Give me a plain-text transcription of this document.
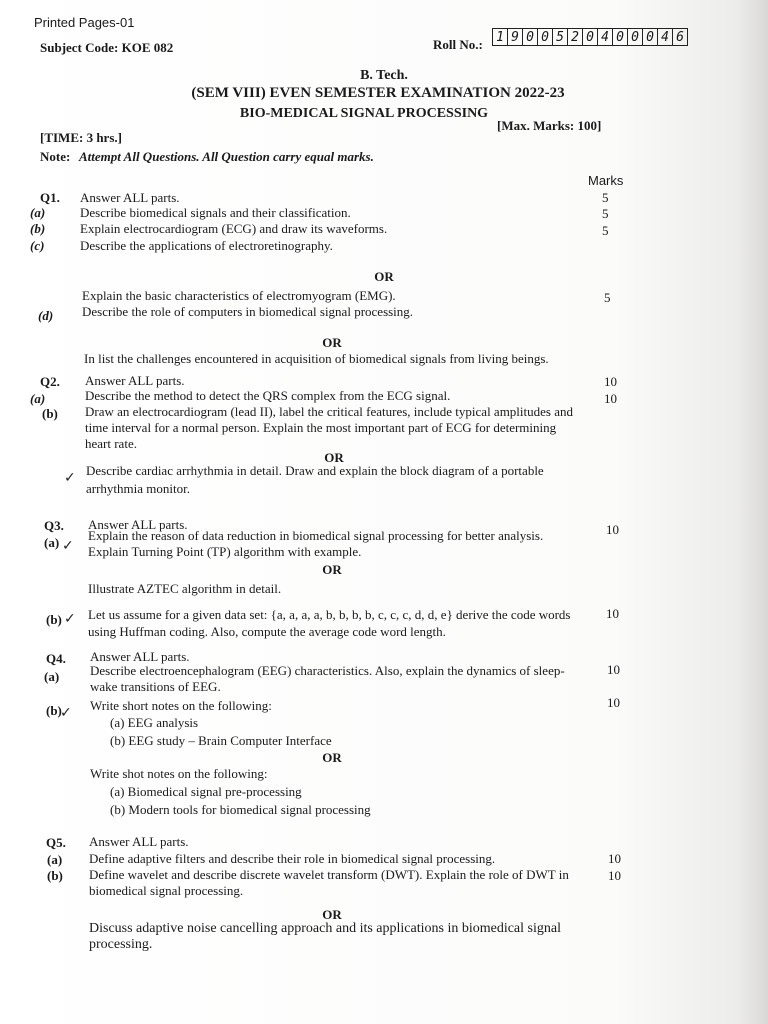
Printed Pages-01
Subject Code: KOE 082	Roll No.:	1 9 0 0 5 2 0 4 0 0 0 4 6
B. Tech.
(SEM VIII) EVEN SEMESTER EXAMINATION 2022-23
BIO-MEDICAL SIGNAL PROCESSING
[TIME: 3 hrs.]
[Max. Marks: 100]
Note: Attempt All Questions. All Question carry equal marks.
Marks
Q1. Answer ALL parts.
(a)	Describe biomedical signals and their classification.
5
(b)	Explain electrocardiogram (ECG) and draw its waveforms.
5
(c)	Describe the applications of electroretinography.
5
OR
Explain the basic characteristics of electromyogram (EMG).	5
(d) Describe the role of computers in biomedical signal processing.
OR
In list the challenges encountered in acquisition of biomedical signals from living beings.
Q2. Answer ALL parts.
(a)	Describe the method to detect the QRS complex from the ECG signal.
10
(b) Draw an electrocardiogram (lead II), label the critical features, include typical amplitudes and time interval for a normal person. Explain the most important part of ECG for determining heart rate.
10
OR
Describe cardiac arrhythmia in detail. Draw and explain the block diagram of a portable arrhythmia monitor.
Q3. Answer ALL parts.
(a) Explain the reason of data reduction in biomedical signal processing for better analysis.	10
Explain Turning Point (TP) algorithm with example.
OR
Illustrate AZTEC algorithm in detail.
(b) Let us assume for a given data set: {a, a, a, a, b, b, b, b, c, c, c, d, d, e} derive the code words using Huffman coding. Also, compute the average code word length.
10
Q4. Answer ALL parts.
(a) Describe electroencephalogram (EEG) characteristics. Also, explain the dynamics of sleep-wake transitions of EEG.
10
(b) Write short notes on the following:	10
(a) EEG analysis
(b) EEG study – Brain Computer Interface
OR
Write shot notes on the following:
(a) Biomedical signal pre-processing
(b) Modern tools for biomedical signal processing
Q5. Answer ALL parts.
(a) Define adaptive filters and describe their role in biomedical signal processing.	10
(b) Define wavelet and describe discrete wavelet transform (DWT). Explain the role of DWT in biomedical signal processing.
10
OR
Discuss adaptive noise cancelling approach and its applications in biomedical signal processing.
✓
✓
✓
✓
